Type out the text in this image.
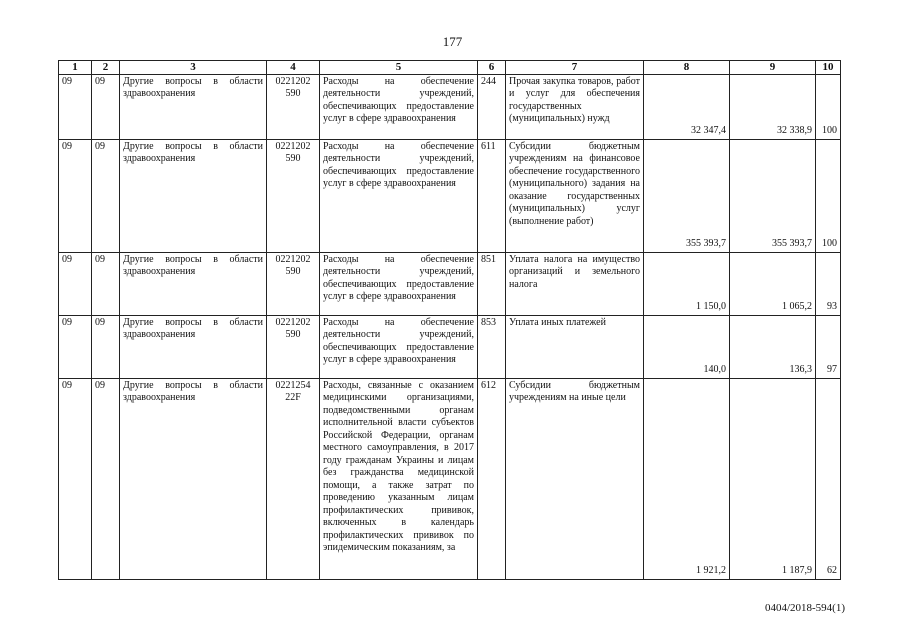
177
1	2	3	4	5	6	7	8	9	10
09	09	Другие вопросы в области здравоохранения	0221202 590	Расходы на обеспечение деятельности учреждений, обеспечивающих предоставление услуг в сфере здравоохранения	244	Прочая закупка товаров, работ и услуг для обеспечения государственных (муниципальных) нужд	32 347,4	32 338,9	100
09	09	Другие вопросы в области здравоохранения	0221202 590	Расходы на обеспечение деятельности учреждений, обеспечивающих предоставление услуг в сфере здравоохранения	611	Субсидии бюджетным учреждениям на финансовое обеспечение государственного (муниципального) задания на оказание государственных (муниципальных) услуг (выполнение работ)	355 393,7	355 393,7	100
09	09	Другие вопросы в области здравоохранения	0221202 590	Расходы на обеспечение деятельности учреждений, обеспечивающих предоставление услуг в сфере здравоохранения	851	Уплата налога на имущество организаций и земельного налога	1 150,0	1 065,2	93
09	09	Другие вопросы в области здравоохранения	0221202 590	Расходы на обеспечение деятельности учреждений, обеспечивающих предоставление услуг в сфере здравоохранения	853	Уплата иных платежей	140,0	136,3	97
09	09	Другие вопросы в области здравоохранения	0221254 22F	Расходы, связанные с оказанием медицинскими организациями, подведомственными органам исполнительной власти субъектов Российской Федерации, органам местного самоуправления, в 2017 году гражданам Украины и лицам без гражданства медицинской помощи, а также затрат по проведению указанным лицам профилактических прививок, включенных в календарь профилактических прививок по эпидемическим показаниям, за	612	Субсидии бюджетным учреждениям на иные цели	1 921,2	1 187,9	62
0404/2018-594(1)
